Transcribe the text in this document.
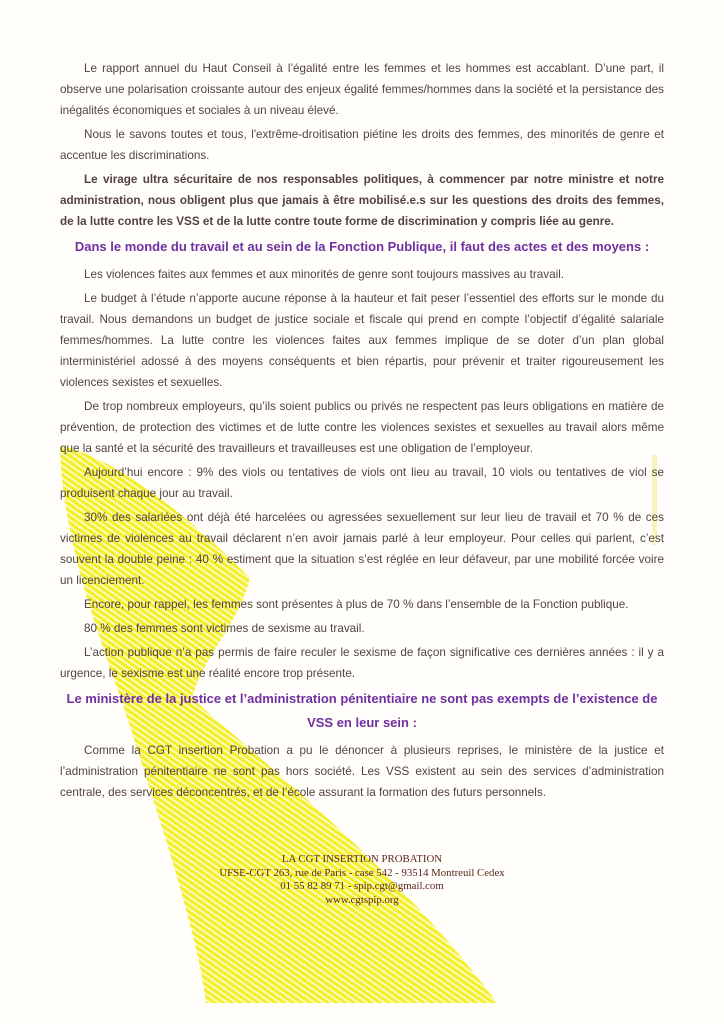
Le rapport annuel du Haut Conseil à l’égalité entre les femmes et les hommes est accablant. D’une part, il observe une polarisation croissante autour des enjeux égalité femmes/hommes dans la société et la persistance des inégalités économiques et sociales à un niveau élevé.

Nous le savons toutes et tous, l'extrême-droitisation piétine les droits des femmes, des minorités de genre et accentue les discriminations.

Le virage ultra sécuritaire de nos responsables politiques, à commencer par notre ministre et notre administration, nous obligent plus que jamais à être mobilisé.e.s sur les questions des droits des femmes, de la lutte contre les VSS et de la lutte contre toute forme de discrimination y compris liée au genre.

Dans le monde du travail et au sein de la Fonction Publique, il faut des actes et des moyens :

Les violences faites aux femmes et aux minorités de genre sont toujours massives au travail.

Le budget à l’étude n’apporte aucune réponse à la hauteur et fait peser l’essentiel des efforts sur le monde du travail. Nous demandons un budget de justice sociale et fiscale qui prend en compte l’objectif d’égalité salariale femmes/hommes. La lutte contre les violences faites aux femmes implique de se doter d’un plan global interministériel adossé à des moyens conséquents et bien répartis, pour prévenir et traiter rigoureusement les violences sexistes et sexuelles.

De trop nombreux employeurs, qu’ils soient publics ou privés ne respectent pas leurs obligations en matière de prévention, de protection des victimes et de lutte contre les violences sexistes et sexuelles au travail alors même que la santé et la sécurité des travailleurs et travailleuses est une obligation de l’employeur.

Aujourd’hui encore : 9% des viols ou tentatives de viols ont lieu au travail, 10 viols ou tentatives de viol se produisent chaque jour au travail.

30% des salariées ont déjà été harcelées ou agressées sexuellement sur leur lieu de travail et 70 % de ces victimes de violences au travail déclarent n’en avoir jamais parlé à leur employeur. Pour celles qui parlent, c’est souvent la double peine : 40 % estiment que la situation s’est réglée en leur défaveur, par une mobilité forcée voire un licenciement.

Encore, pour rappel, les femmes sont présentes à plus de 70 % dans l’ensemble de la Fonction publique.

80 % des femmes sont victimes de sexisme au travail.

L’action publique n’a pas permis de faire reculer le sexisme de façon significative ces dernières années : il y a urgence, le sexisme est une réalité encore trop présente.

Le ministère de la justice et l’administration pénitentiaire ne sont pas exempts de l’existence de VSS en leur sein :

Comme la CGT insertion Probation a pu le dénoncer à plusieurs reprises, le ministère de la justice et l’administration pénitentiaire ne sont pas hors société. Les VSS existent au sein des services d’administration centrale, des services déconcentrés, et de l’école assurant la formation des futurs personnels.

LA CGT INSERTION PROBATION
UFSE-CGT 263, rue de Paris - case 542 - 93514 Montreuil Cedex
01 55 82 89 71 - spip.cgt@gmail.com
www.cgtspip.org
